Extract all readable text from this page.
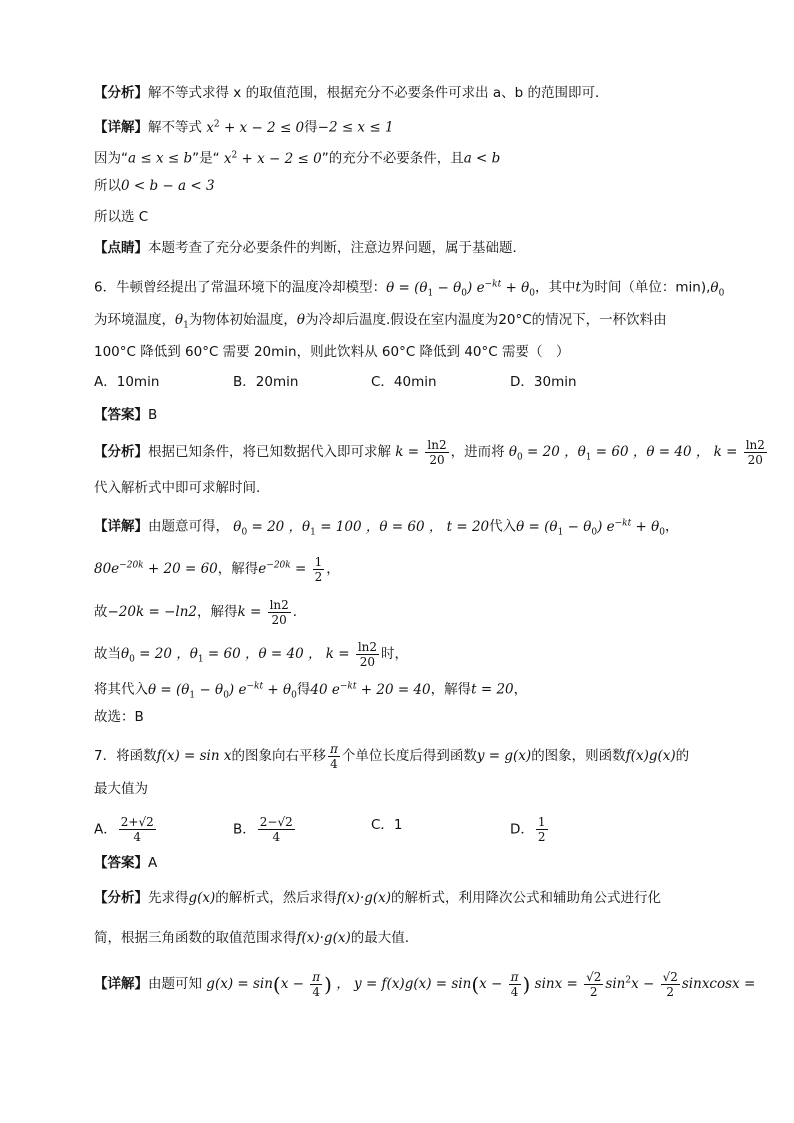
【分析】解不等式求得 x 的取值范围，根据充分不必要条件可求出 a、b 的范围即可．
【详解】解不等式 $x^2 + x - 2 \le 0$得−2 ≤ x ≤ 1
因为“a ≤ x ≤ b”是“ $x^2 + x - 2 \le 0$”的充分不必要条件，且a < b
所以0 < b − a < 3
所以选 C
【点睛】本题考查了充分必要条件的判断，注意边界问题，属于基础题．
6．牛顿曾经提出了常温环境下的温度冷却模型：$\theta = (\theta_1 - \theta_0) e^{-kt} + \theta_0$，其中t为时间（单位：$\min),\theta_0$
为环境温度，$\theta_1$为物体初始温度，θ为冷却后温度.假设在室内温度为20°C的情况下，一杯饮料由
100°C 降低到 60°C 需要 20min，则此饮料从 60°C 降低到 40°C 需要（　）
A．10min	B．20min	C．40min	D．30min
【答案】B
【分析】根据已知条件，将已知数据代入即可求解 $k = \frac{\ln 2}{20}$ ，进而将 $\theta_0 = 20$ ，$\theta_1 = 60$ ，θ = 40 ， $k = \frac{\ln 2}{20}$
代入解析式中即可求解时间.
【详解】由题意可得， $\theta_0 = 20$ ，$\theta_1 = 100$ ，θ = 60 ， t = 20代入$\theta = (\theta_1 - \theta_0) e^{-kt} + \theta_0$，
$80e^{-20k} + 20 = 60$，解得$e^{-20k} = \frac{1}{2}$ ，
故−20k = −ln2，解得$k = \frac{\ln 2}{20}$ ．
故当$\theta_0 = 20$ ，$\theta_1 = 60$ ，θ = 40 ， $k = \frac{\ln 2}{20}$ 时，
将其代入$\theta = (\theta_1 - \theta_0) e^{-kt} + \theta_0$得40 $e^{-kt} + 20 = 40$，解得t = 20，
故选：B
7．将函数f(x) = sin x的图象向右平移 $\frac{\pi}{4}$ 个单位长度后得到函数y = g(x)的图象，则函数f(x)g(x)的
最大值为
A． $\frac{2+√2}{4}$	B． $\frac{2-√2}{4}$	C．1	D． $\frac{1}{2}$
【答案】A
【分析】先求得g(x)的解析式，然后求得f(x)·g(x)的解析式，利用降次公式和辅助角公式进行化
简，根据三角函数的取值范围求得f(x)·g(x)的最大值.
【详解】由题可知 $g(x) = \sin(x - \frac{\pi}{4}$ ) ， $y = f(x)g(x) = \sin(x - \frac{\pi}{4}$ ) $\sin x = \frac{√2}{2} \sin^2x - \frac{√2}{2}$ sinxcosx =
